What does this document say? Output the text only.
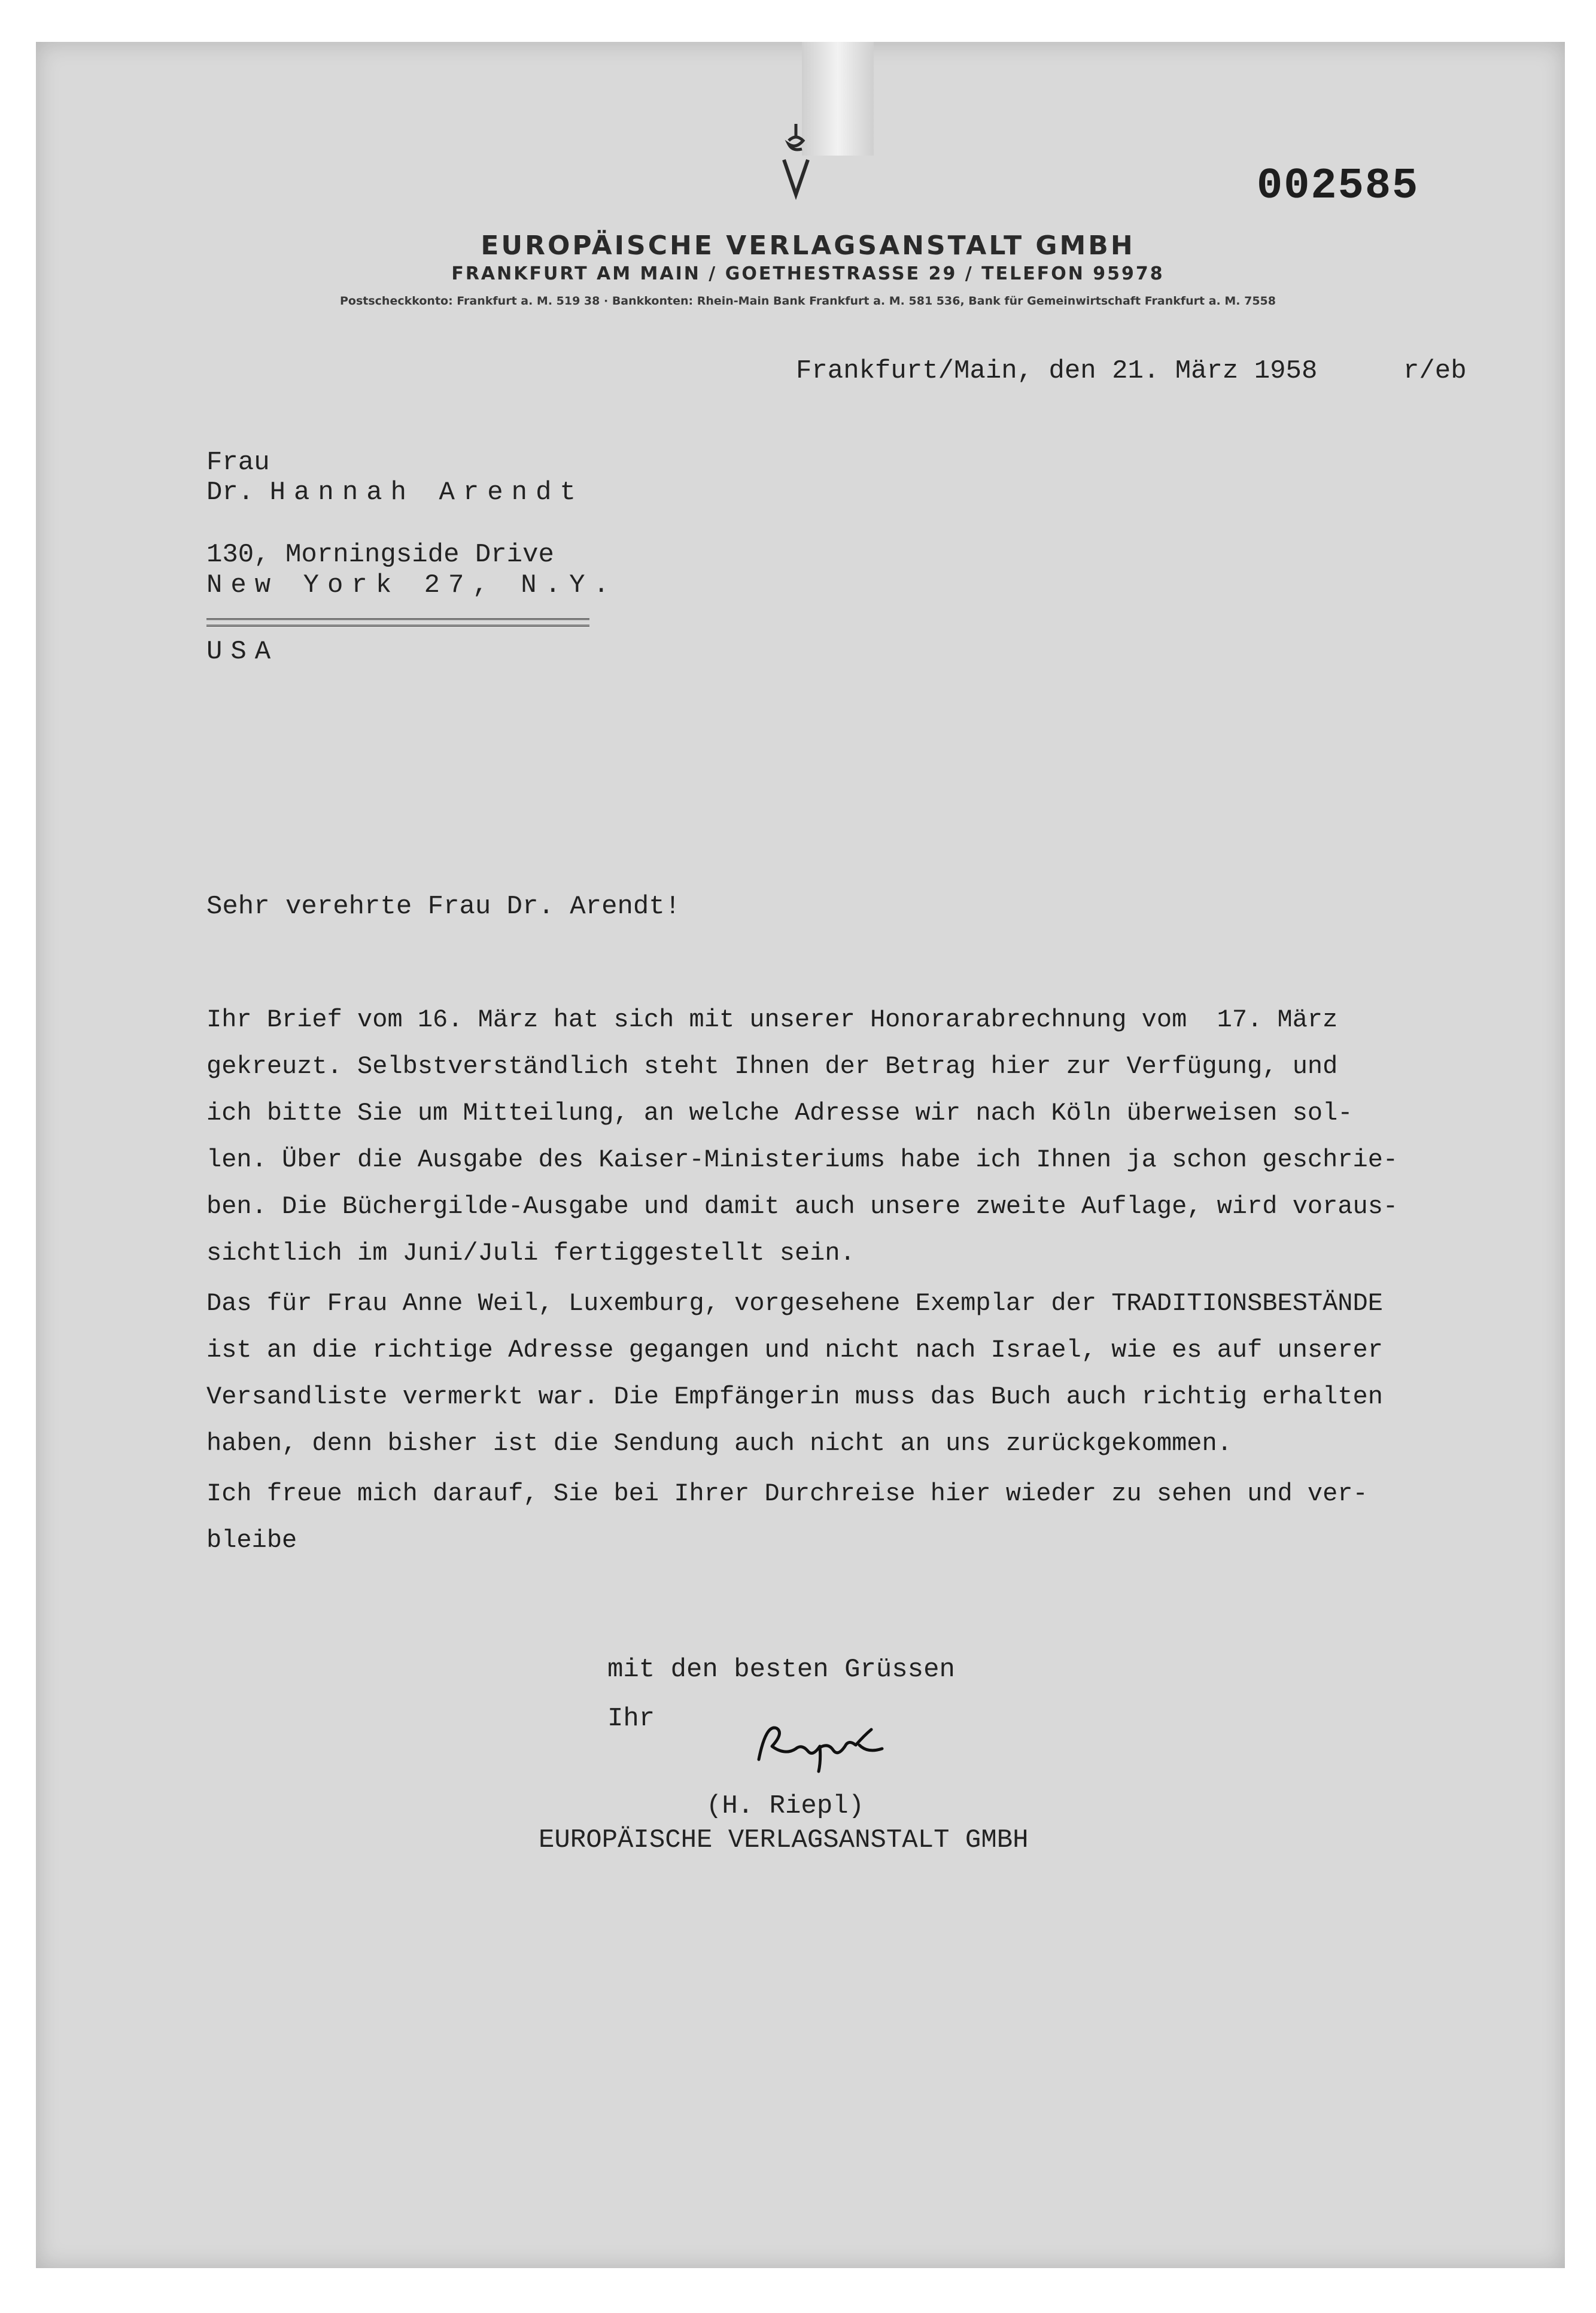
002585
EUROPÄISCHE VERLAGSANSTALT GMBH
FRANKFURT AM MAIN / GOETHESTRASSE 29 / TELEFON 95978
Postscheckkonto: Frankfurt a. M. 519 38 · Bankkonten: Rhein-Main Bank Frankfurt a. M. 581 536, Bank für Gemeinwirtschaft Frankfurt a. M. 7558
Frankfurt/Main, den 21. März 1958	r/eb
Frau
Dr. Hannah Arendt
130, Morningside Drive
New York 27, N.Y.
USA
Sehr verehrte Frau Dr. Arendt!

Ihr Brief vom 16. März hat sich mit unserer Honorarabrechnung vom  17. März

gekreuzt. Selbstverständlich steht Ihnen der Betrag hier zur Verfügung, und

ich bitte Sie um Mitteilung, an welche Adresse wir nach Köln überweisen sol-

len. Über die Ausgabe des Kaiser-Ministeriums habe ich Ihnen ja schon geschrie-

ben. Die Büchergilde-Ausgabe und damit auch unsere zweite Auflage, wird voraus-

sichtlich im Juni/Juli fertiggestellt sein.

Das für Frau Anne Weil, Luxemburg, vorgesehene Exemplar der TRADITIONSBESTÄNDE

ist an die richtige Adresse gegangen und nicht nach Israel, wie es auf unserer

Versandliste vermerkt war. Die Empfängerin muss das Buch auch richtig erhalten

haben, denn bisher ist die Sendung auch nicht an uns zurückgekommen.

Ich freue mich darauf, Sie bei Ihrer Durchreise hier wieder zu sehen und ver-

bleibe

mit den besten Grüssen
Ihr
(H. Riepl)
EUROPÄISCHE VERLAGSANSTALT GMBH
